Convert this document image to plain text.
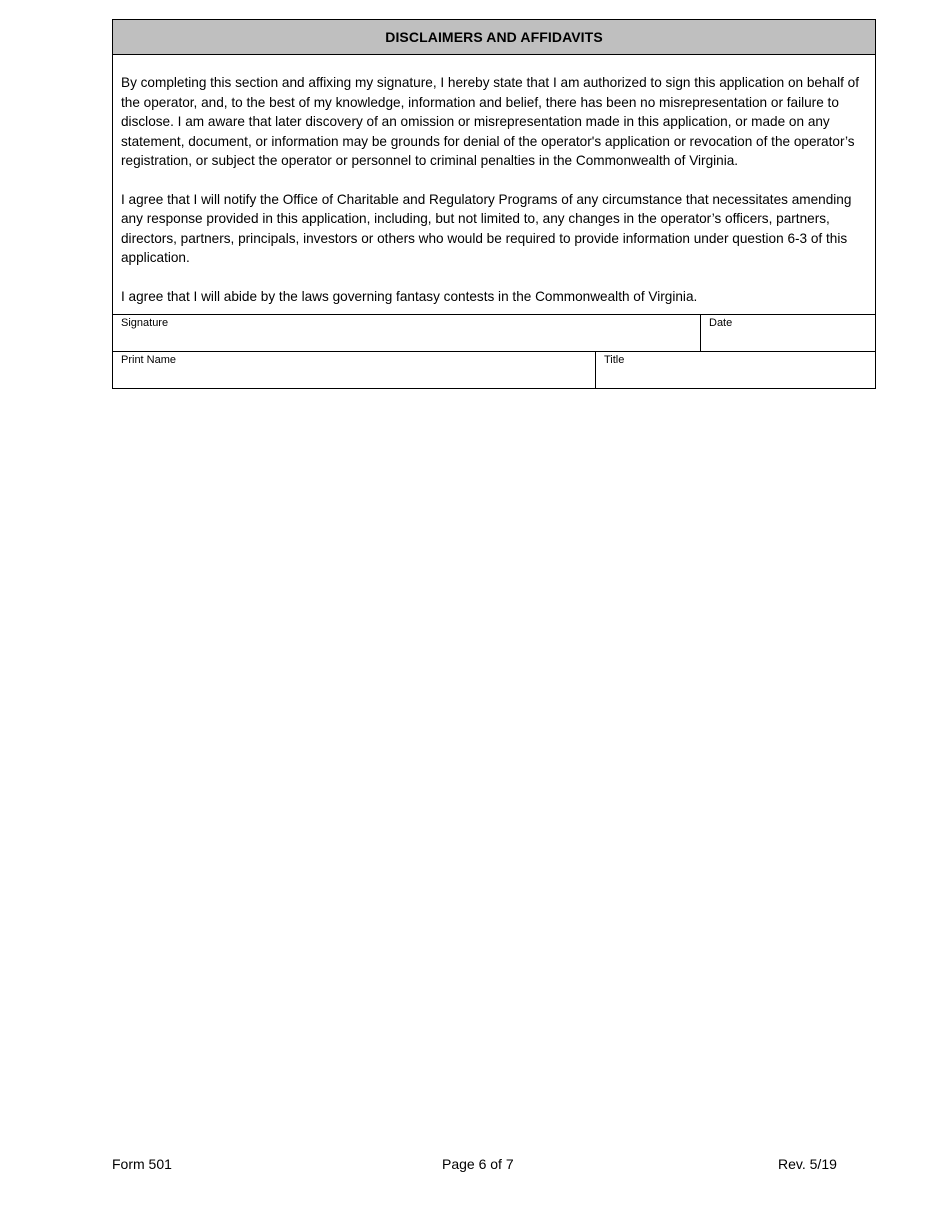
DISCLAIMERS AND AFFIDAVITS

By completing this section and affixing my signature, I hereby state that I am authorized to sign this application on behalf of the operator, and, to the best of my knowledge, information and belief, there has been no misrepresentation or failure to disclose. I am aware that later discovery of an omission or misrepresentation made in this application, or made on any statement, document, or information may be grounds for denial of the operator's application or revocation of the operator’s registration, or subject the operator or personnel to criminal penalties in the Commonwealth of Virginia.

I agree that I will notify the Office of Charitable and Regulatory Programs of any circumstance that necessitates amending any response provided in this application, including, but not limited to, any changes in the operator’s officers, partners, directors, partners, principals, investors or others who would be required to provide information under question 6-3 of this application.

I agree that I will abide by the laws governing fantasy contests in the Commonwealth of Virginia.

Signature	Date
Print Name	Title
Form 501	Page 6 of 7	Rev. 5/19
